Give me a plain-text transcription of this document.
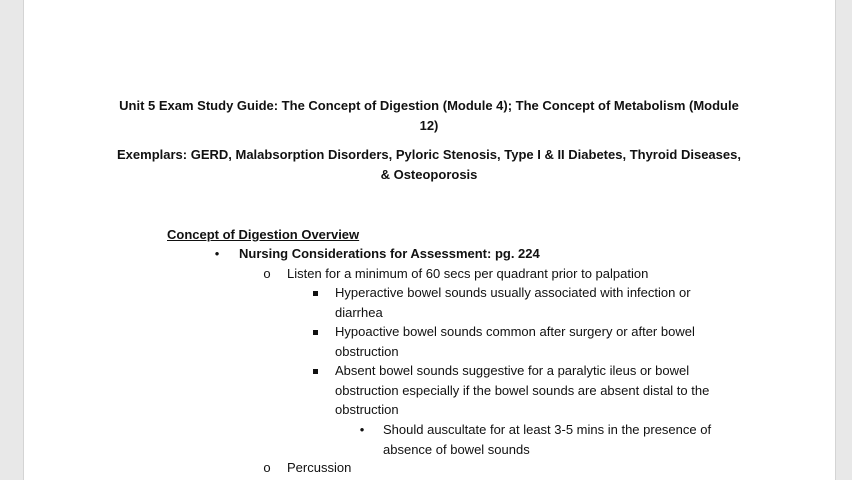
Unit 5 Exam Study Guide: The Concept of Digestion (Module 4); The Concept of Metabolism (Module 12)
Exemplars: GERD, Malabsorption Disorders, Pyloric Stenosis, Type I & II Diabetes, Thyroid Diseases, & Osteoporosis
Concept of Digestion Overview
•	Nursing Considerations for Assessment: pg. 224
o Listen for a minimum of 60 secs per quadrant prior to palpation
Hyperactive bowel sounds usually associated with infection or diarrhea
Hypoactive bowel sounds common after surgery or after bowel obstruction
Absent bowel sounds suggestive for a paralytic ileus or bowel obstruction especially if the bowel sounds are absent distal to the obstruction
•	Should auscultate for at least 3-5 mins in the presence of absence of bowel sounds
o Percussion
